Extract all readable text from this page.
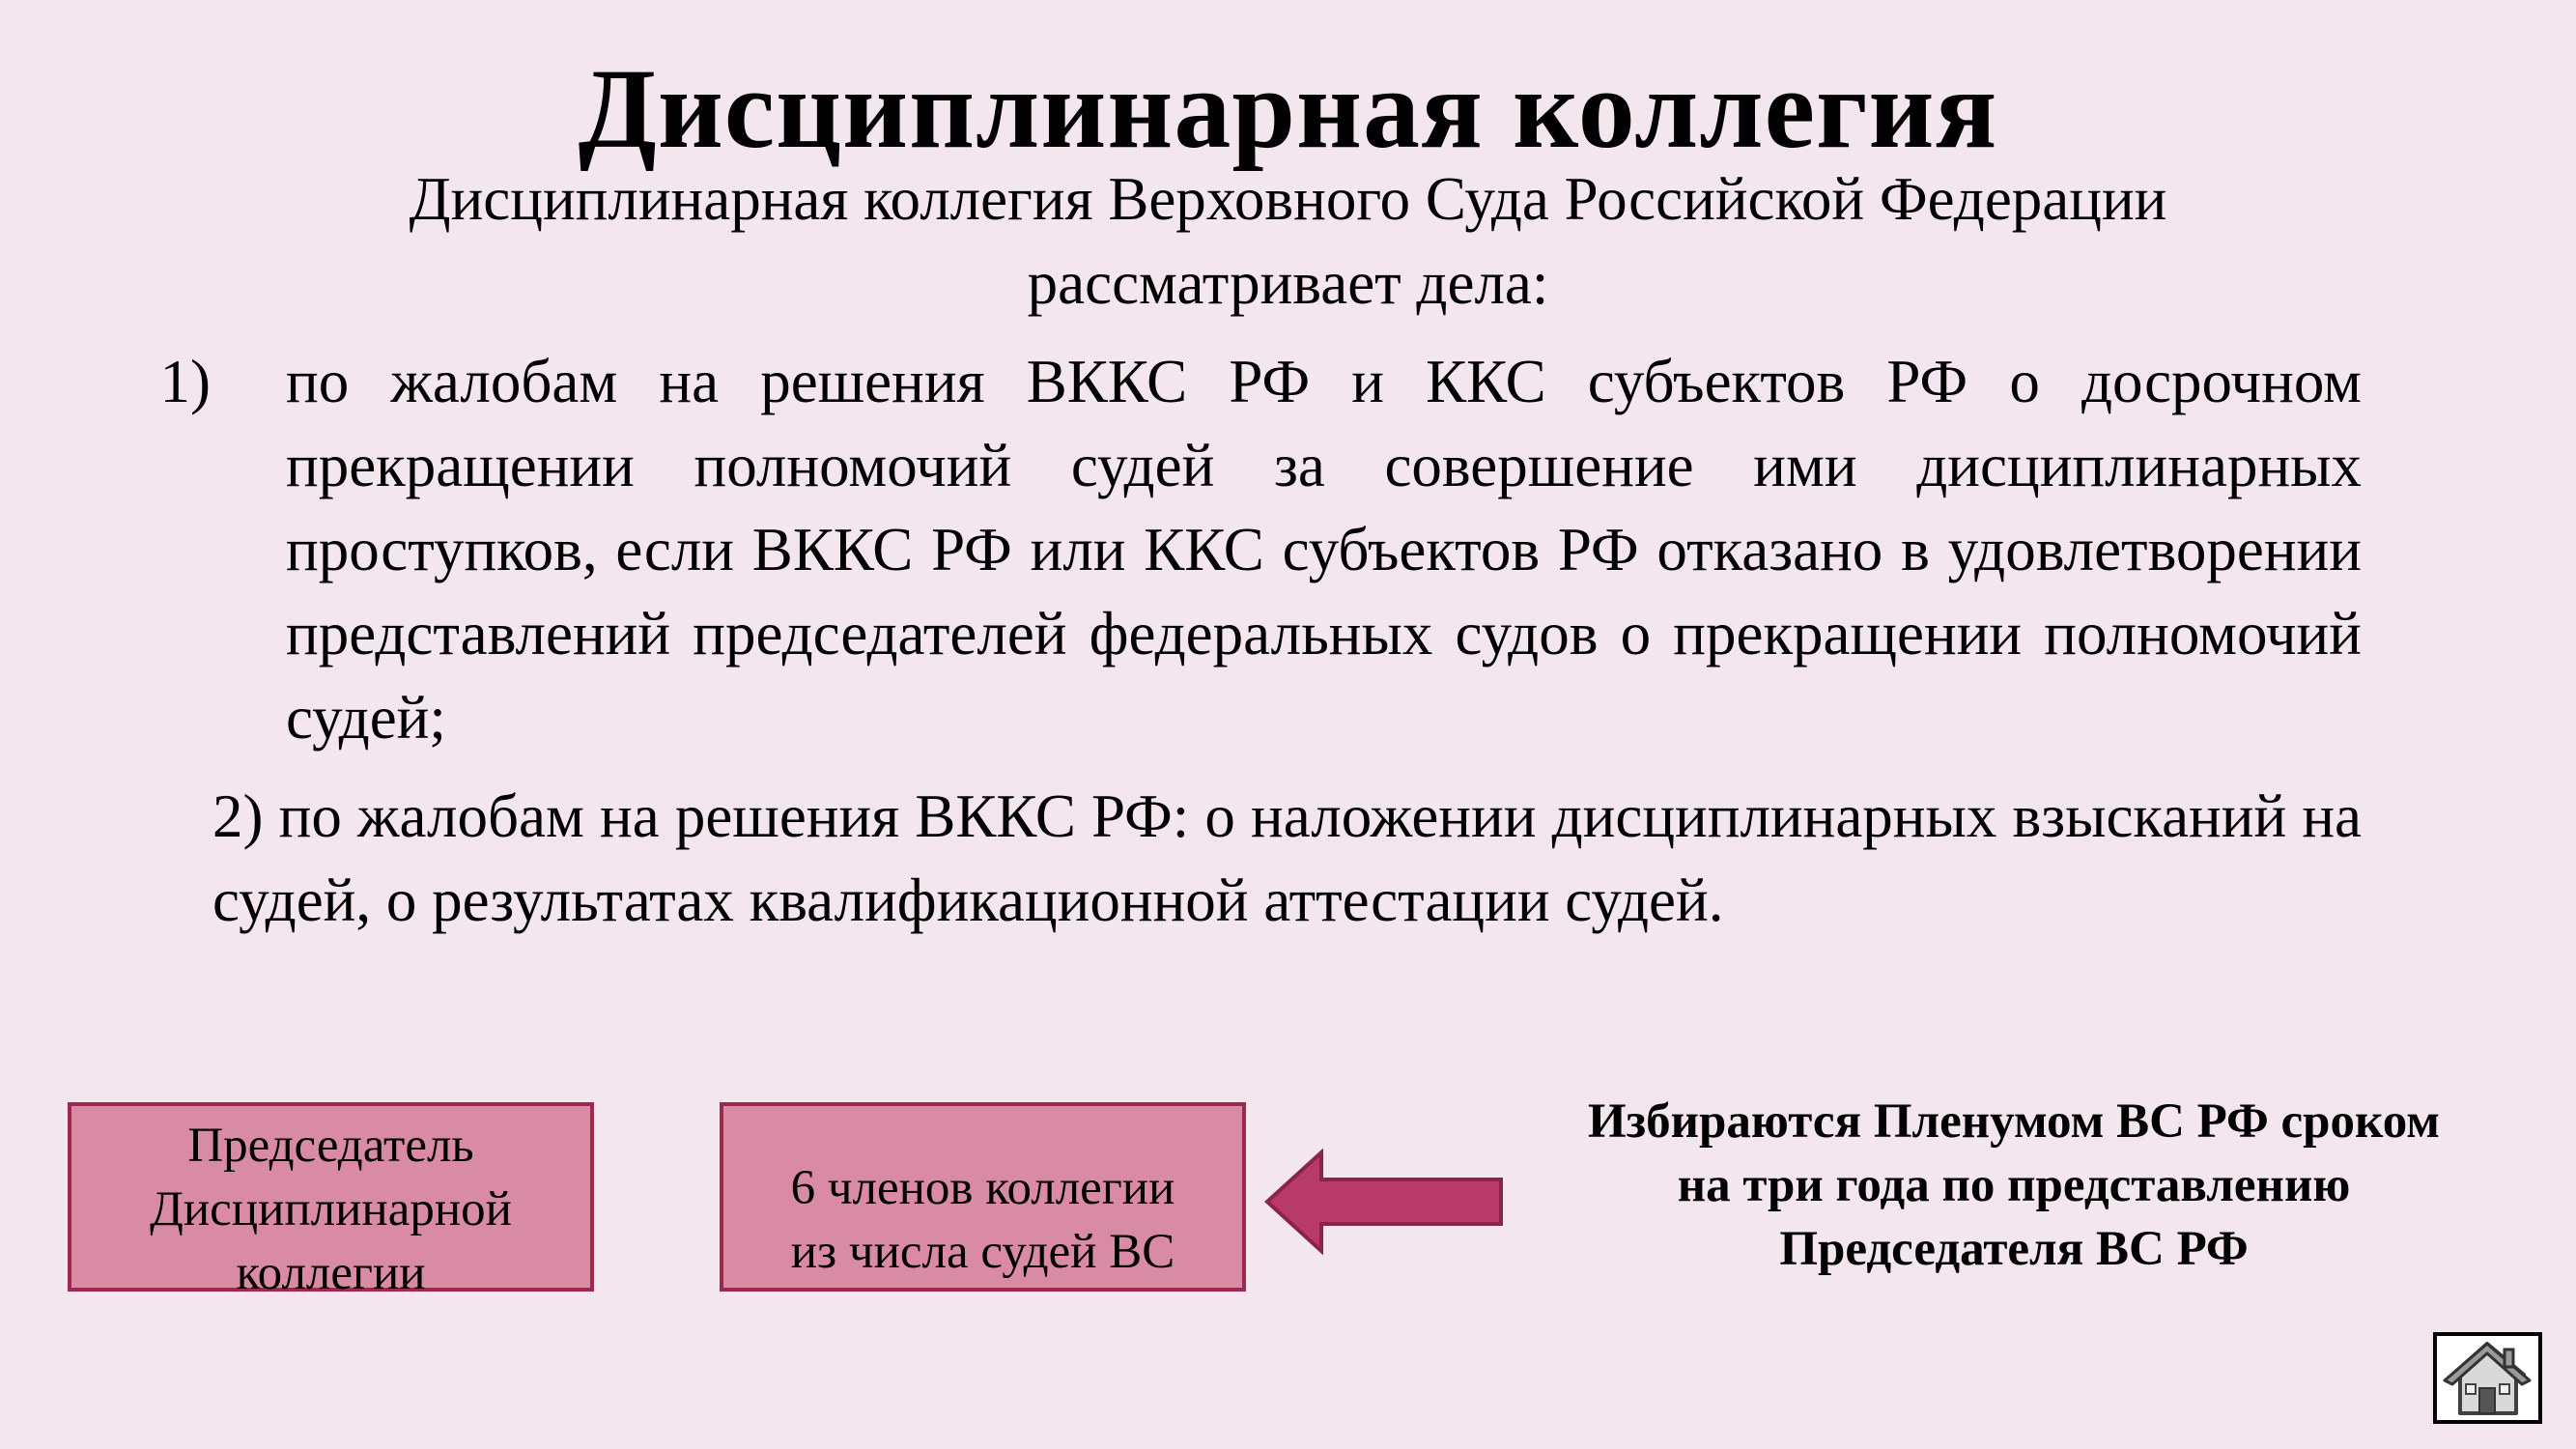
Дисциплинарная коллегия
Дисциплинарная коллегия Верховного Суда Российской Федерации
рассматривает дела:
1) по жалобам на решения ВККС РФ и ККС субъектов РФ о досрочном прекращении полномочий судей за совершение ими дисциплинарных проступков, если ВККС РФ или ККС субъектов РФ отказано в удовлетворении представлений председателей федеральных судов о прекращении полномочий судей;
2) по жалобам на решения ВККС РФ: о наложении дисциплинарных взысканий на судей, о результатах квалификационной аттестации судей.
Председатель
Дисциплинарной
коллегии
6 членов коллегии
из числа судей ВС
Избираются Пленумом ВС РФ сроком
на три года по представлению
Председателя ВС РФ
